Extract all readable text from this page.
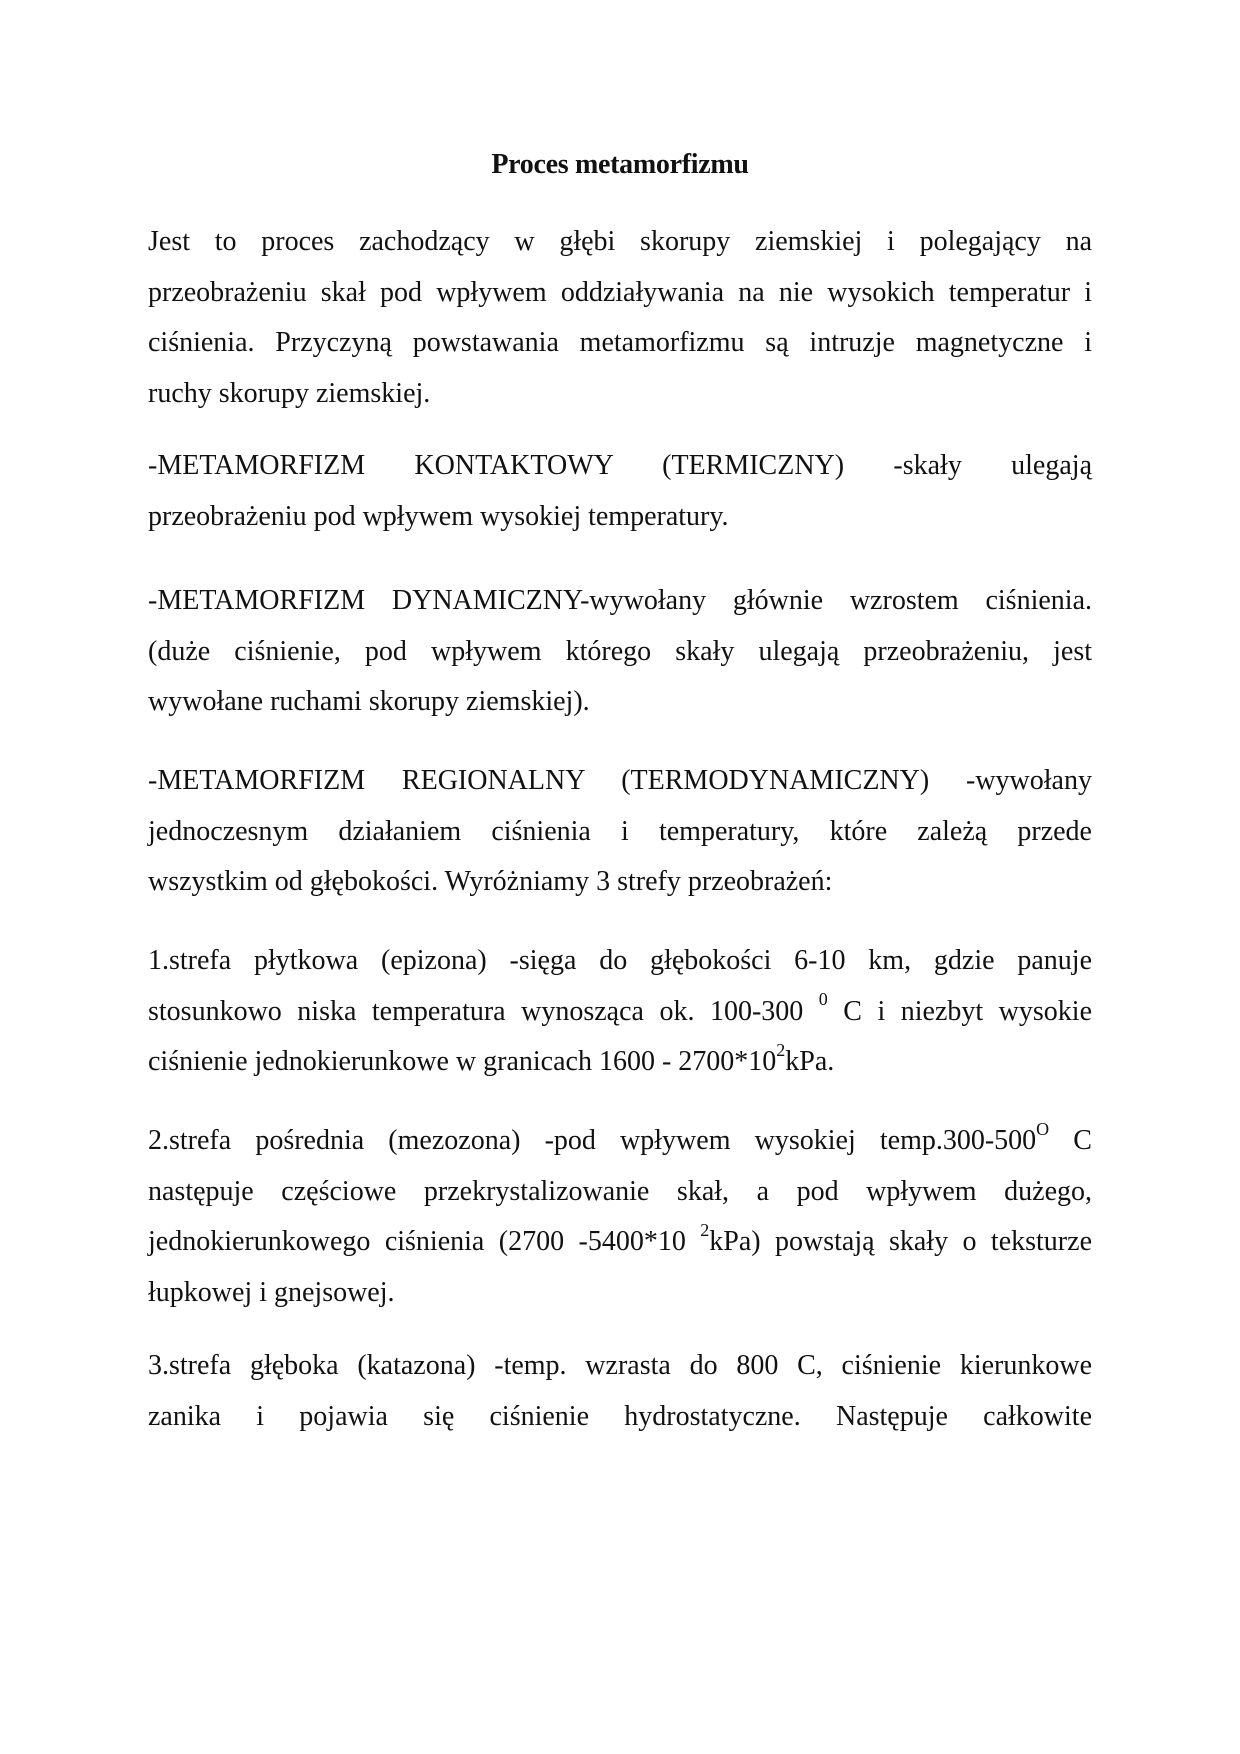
Proces metamorfizmu
Jest to proces zachodzący w głębi skorupy ziemskiej i polegający na
przeobrażeniu skał pod wpływem oddziaływania na nie wysokich temperatur i
ciśnienia. Przyczyną powstawania metamorfizmu są intruzje magnetyczne i
ruchy skorupy ziemskiej.
-METAMORFIZM KONTAKTOWY (TERMICZNY) -skały ulegają
przeobrażeniu pod wpływem wysokiej temperatury.
-METAMORFIZM DYNAMICZNY-wywołany głównie wzrostem ciśnienia.
(duże ciśnienie, pod wpływem którego skały ulegają przeobrażeniu, jest
wywołane ruchami skorupy ziemskiej).
-METAMORFIZM REGIONALNY (TERMODYNAMICZNY) -wywołany
jednoczesnym działaniem ciśnienia i temperatury, które zależą przede
wszystkim od głębokości. Wyróżniamy 3 strefy przeobrażeń:
1.strefa płytkowa (epizona) -sięga do głębokości 6-10 km, gdzie panuje
stosunkowo niska temperatura wynosząca ok. 100-300 $^0$ C i niezbyt wysokie
ciśnienie jednokierunkowe w granicach $1600 - 2700*10^2kPa$.
2.strefa pośrednia (mezozona) -pod wpływem wysokiej $temp.300-500^O$ C
następuje częściowe przekrystalizowanie skał, a pod wpływem dużego,
jednokierunkowego ciśnienia (2700 -5400*10 $^2$kPa) powstają skały o teksturze
łupkowej i gnejsowej.
3.strefa głęboka (katazona) -temp. wzrasta do 800 C, ciśnienie kierunkowe
zanika i pojawia się ciśnienie hydrostatyczne. Następuje całkowite
